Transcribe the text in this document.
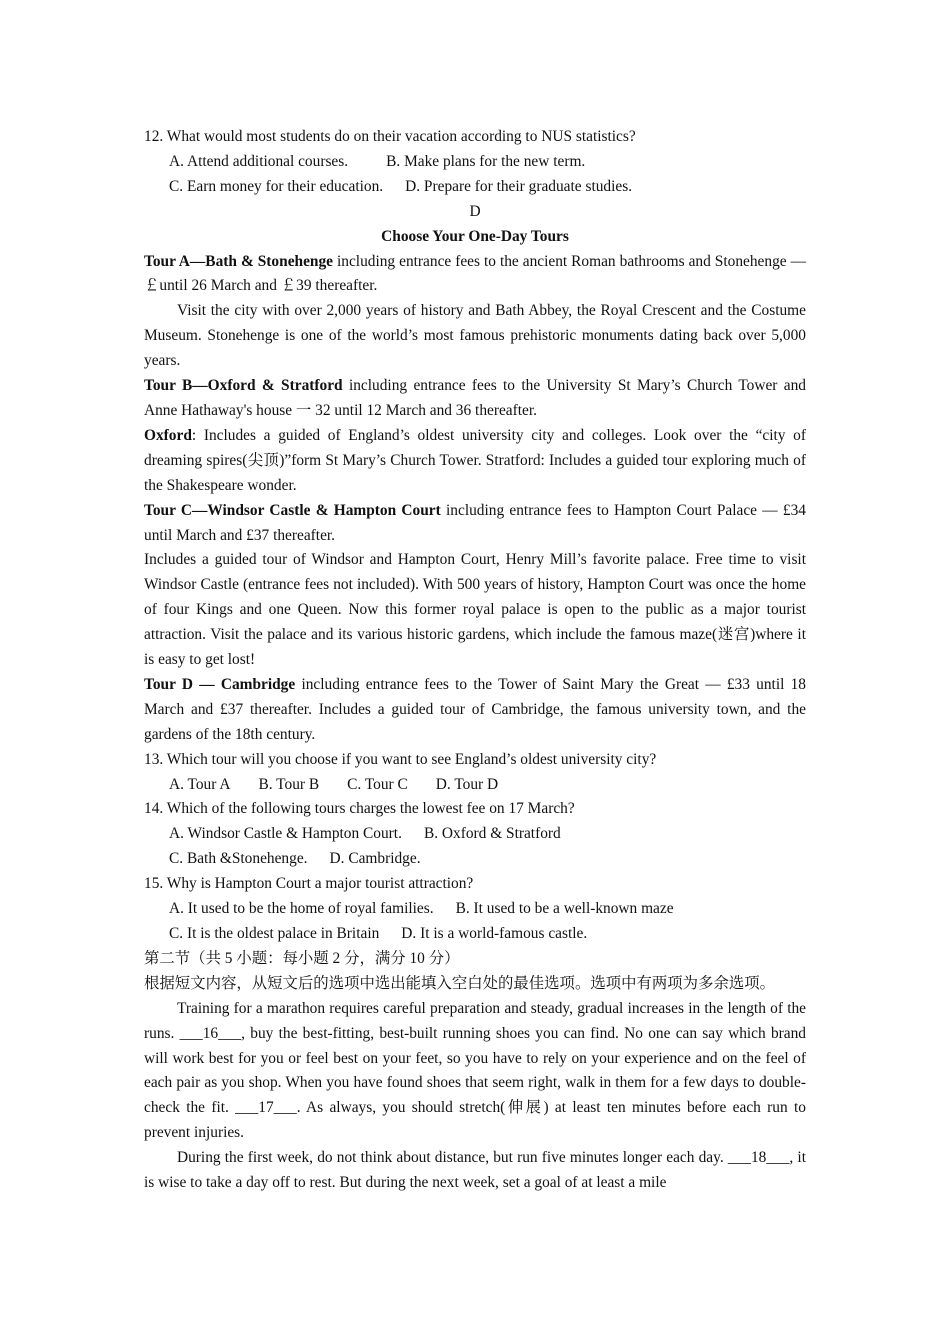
12. What would most students do on their vacation according to NUS statistics?
A. Attend additional courses. B. Make plans for the new term.
C. Earn money for their education. D. Prepare for their graduate studies.
D
Choose Your One-Day Tours

Tour A—Bath & Stonehenge including entrance fees to the ancient Roman bathrooms and Stonehenge — ￡until 26 March and ￡39 thereafter.

Visit the city with over 2,000 years of history and Bath Abbey, the Royal Crescent and the Costume Museum. Stonehenge is one of the world’s most famous prehistoric monuments dating back over 5,000 years.

Tour B—Oxford & Stratford including entrance fees to the University St Mary’s Church Tower and Anne Hathaway's house 一 32 until 12 March and 36 thereafter.

Oxford: Includes a guided of England’s oldest university city and colleges. Look over the “city of dreaming spires(尖顶)”form St Mary’s Church Tower. Stratford: Includes a guided tour exploring much of the Shakespeare wonder.

Tour C—Windsor Castle & Hampton Court including entrance fees to Hampton Court Palace — £34 until March and £37 thereafter.

Includes a guided tour of Windsor and Hampton Court, Henry Mill’s favorite palace. Free time to visit Windsor Castle (entrance fees not included). With 500 years of history, Hampton Court was once the home of four Kings and one Queen. Now this former royal palace is open to the public as a major tourist attraction. Visit the palace and its various historic gardens, which include the famous maze(迷宫)where it is easy to get lost!

Tour D — Cambridge including entrance fees to the Tower of Saint Mary the Great — £33 until 18 March and £37 thereafter. Includes a guided tour of Cambridge, the famous university town, and the gardens of the 18th century.

13. Which tour will you choose if you want to see England’s oldest university city?
A. Tour A B. Tour B C. Tour C D. Tour D
14. Which of the following tours charges the lowest fee on 17 March?
A. Windsor Castle & Hampton Court. B. Oxford & Stratford
C. Bath &Stonehenge. D. Cambridge.
15. Why is Hampton Court a major tourist attraction?
A. It used to be the home of royal families. B. It used to be a well-known maze
C. It is the oldest palace in Britain D. It is a world-famous castle.
第二节（共 5 小题：每小题 2 分，满分 10 分）

根据短文内容，从短文后的选项中选出能填入空白处的最佳选项。选项中有两项为多余选项。

Training for a marathon requires careful preparation and steady, gradual increases in the length of the runs. ___16___, buy the best-fitting, best-built running shoes you can find. No one can say which brand will work best for you or feel best on your feet, so you have to rely on your experience and on the feel of each pair as you shop. When you have found shoes that seem right, walk in them for a few days to double-check the fit. ___17___. As always, you should stretch(伸展) at least ten minutes before each run to prevent injuries.

During the first week, do not think about distance, but run five minutes longer each day. ___18___, it is wise to take a day off to rest. But during the next week, set a goal of at least a mile
